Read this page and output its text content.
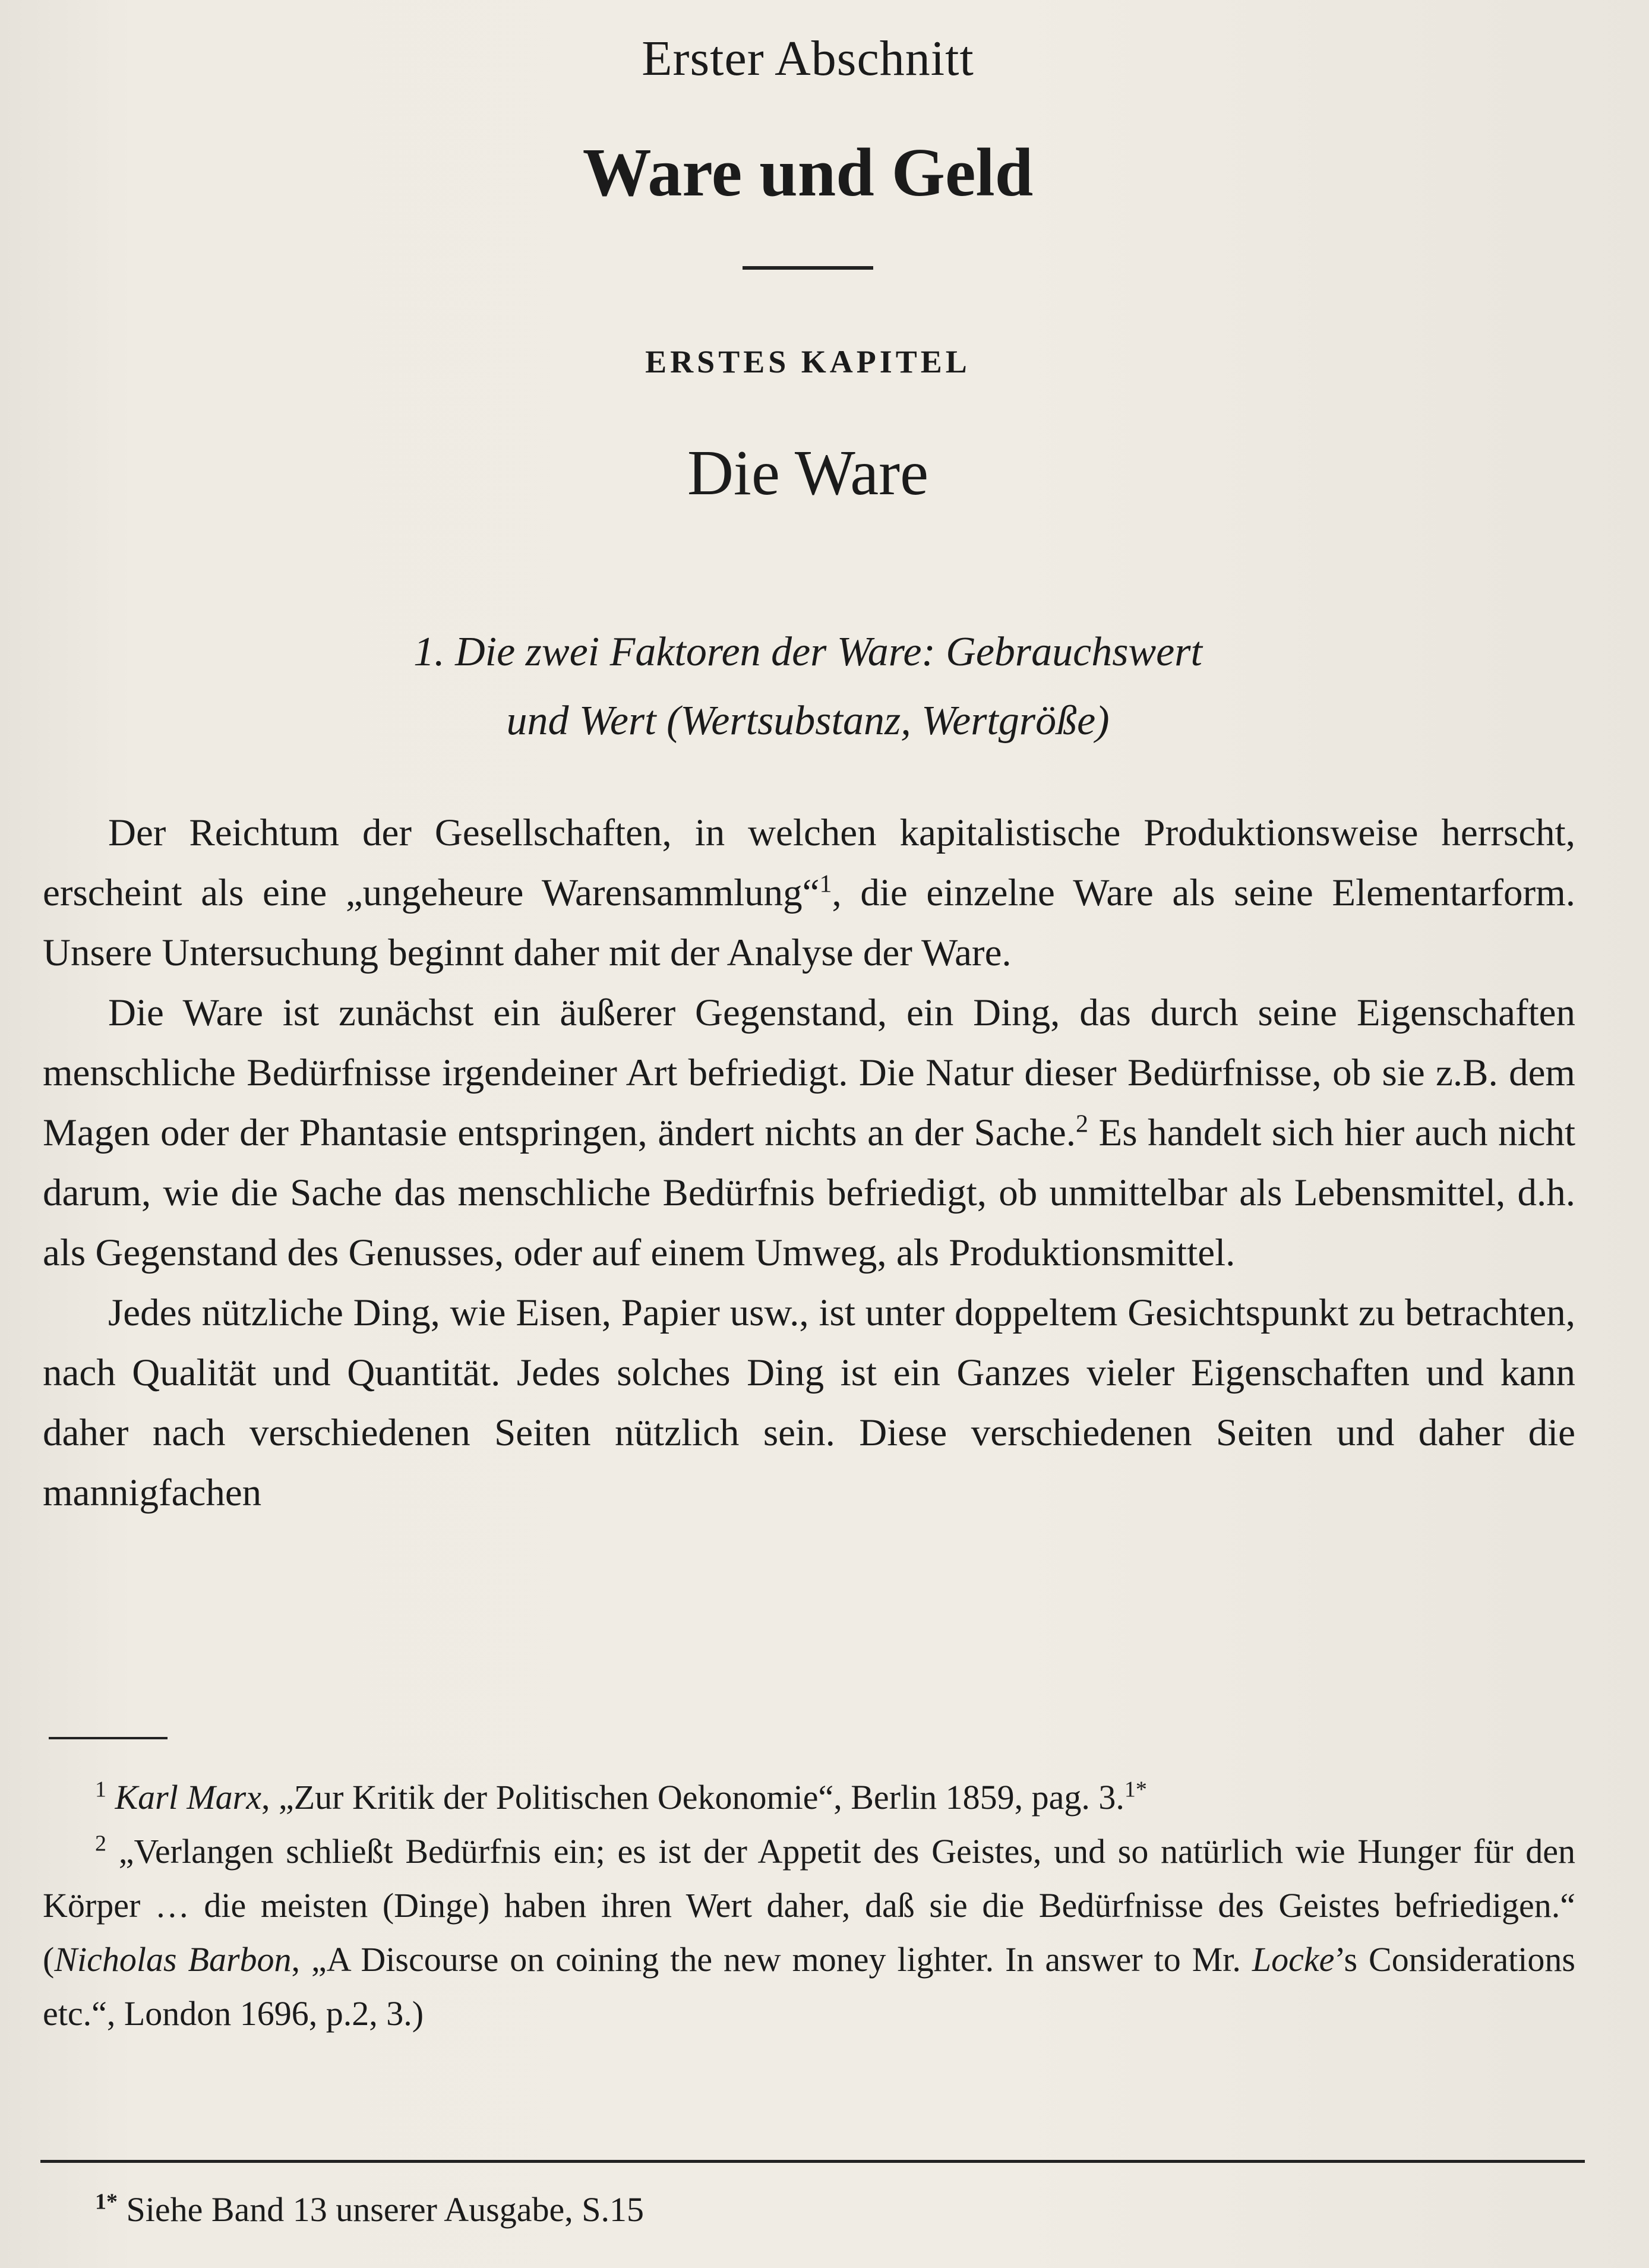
Erster Abschnitt
Ware und Geld
ERSTES KAPITEL
Die Ware
1. Die zwei Faktoren der Ware: Gebrauchswert
und Wert (Wertsubstanz, Wertgröße)

Der Reichtum der Gesellschaften, in welchen kapitalistische Produktionsweise herrscht, erscheint als eine „ungeheure Warensammlung“$^1$, die einzelne Ware als seine Elementarform. Unsere Untersuchung beginnt daher mit der Analyse der Ware.

Die Ware ist zunächst ein äußerer Gegenstand, ein Ding, das durch seine Eigenschaften menschliche Bedürfnisse irgendeiner Art befriedigt. Die Natur dieser Bedürfnisse, ob sie z.B. dem Magen oder der Phantasie entspringen, ändert nichts an der Sache.$^2$ Es handelt sich hier auch nicht darum, wie die Sache das menschliche Bedürfnis befriedigt, ob unmittelbar als Lebensmittel, d.h. als Gegenstand des Genusses, oder auf einem Umweg, als Produktionsmittel.

Jedes nützliche Ding, wie Eisen, Papier usw., ist unter doppeltem Gesichtspunkt zu betrachten, nach Qualität und Quantität. Jedes solches Ding ist ein Ganzes vieler Eigenschaften und kann daher nach verschiedenen Seiten nützlich sein. Diese verschiedenen Seiten und daher die mannigfachen

$^1$ Karl Marx, „Zur Kritik der Politischen Oekonomie“, Berlin 1859, pag. 3.$^{1*}$

$^2$ „Verlangen schließt Bedürfnis ein; es ist der Appetit des Geistes, und so natürlich wie Hunger für den Körper … die meisten (Dinge) haben ihren Wert daher, daß sie die Bedürfnisse des Geistes befriedigen.“ (Nicholas Barbon, „A Discourse on coining the new money lighter. In answer to Mr. Locke’s Considerations etc.“, London 1696, p.2, 3.)

$^{1*}$ Siehe Band 13 unserer Ausgabe, S.15
